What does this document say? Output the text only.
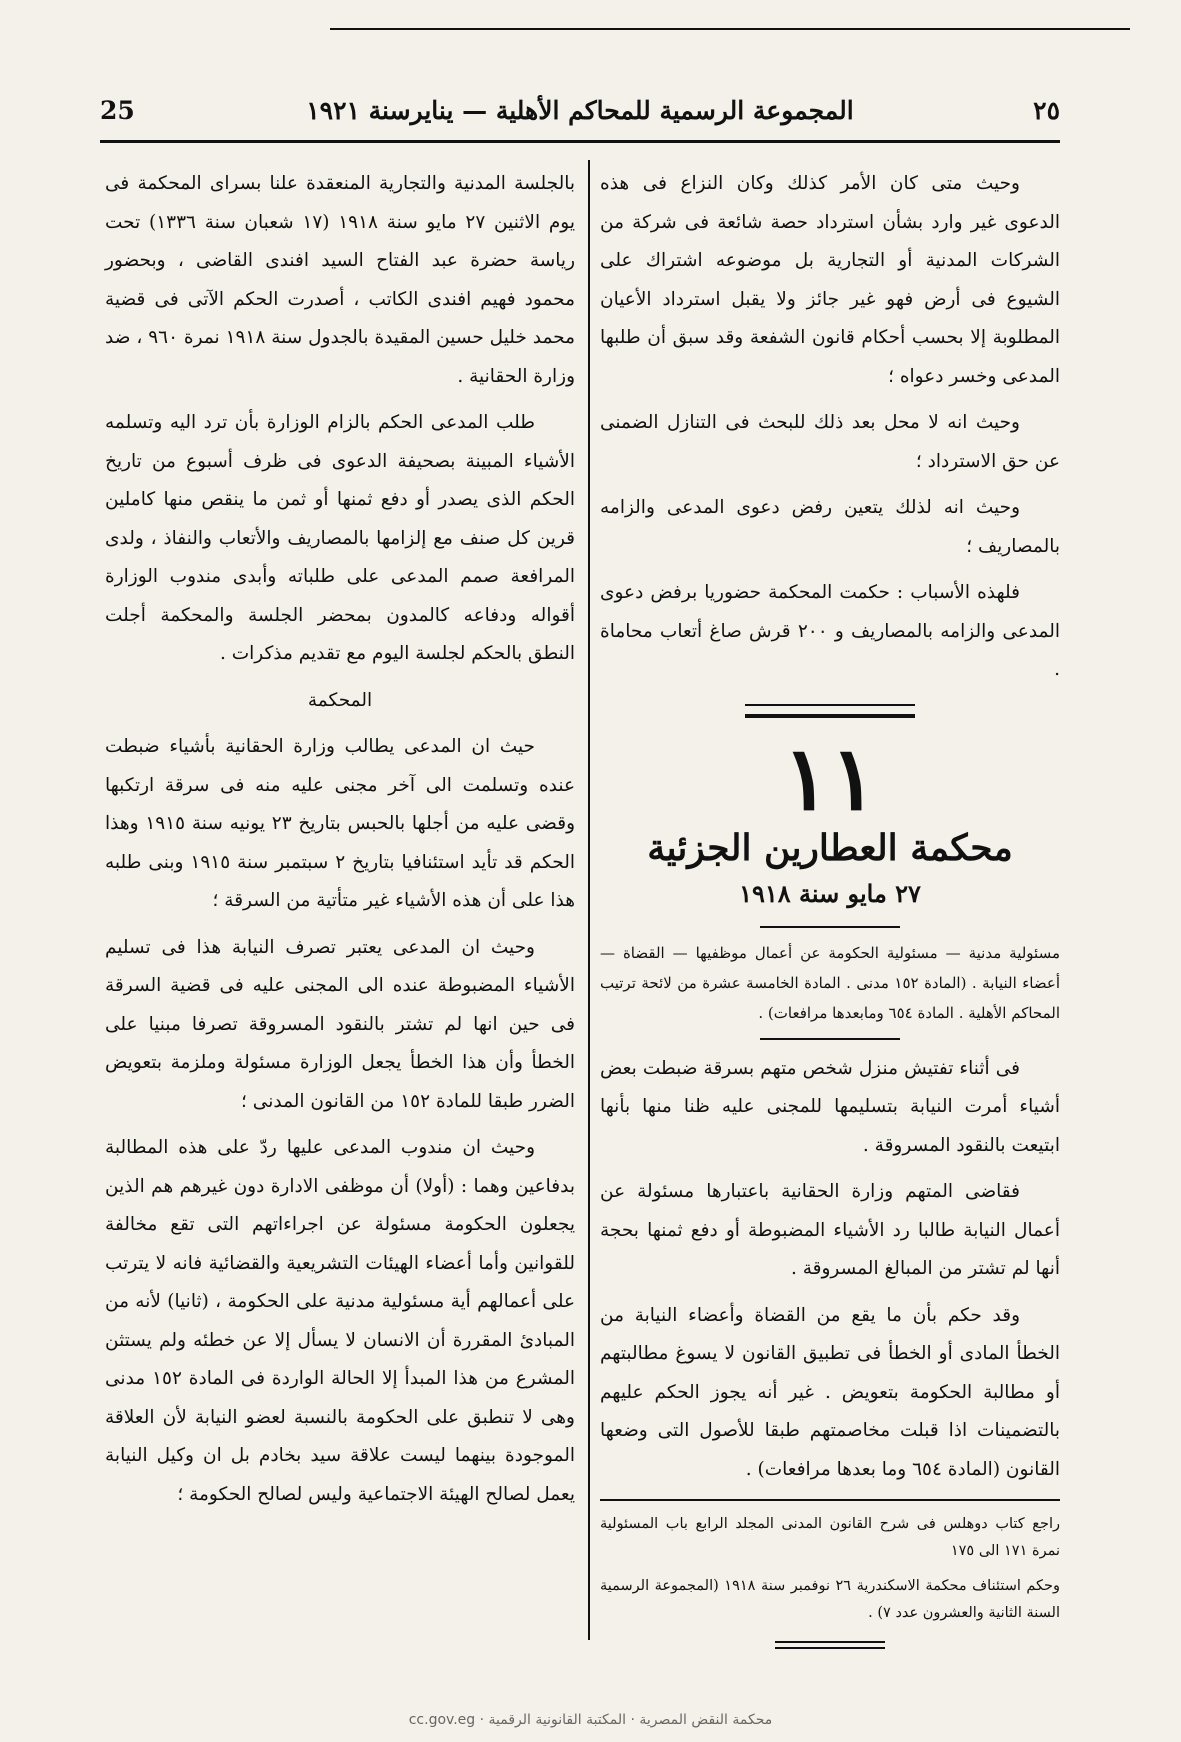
٢٥
المجموعة الرسمية للمحاكم الأهلية — ينايرسنة ١٩٢١
25

وحيث متى كان الأمر كذلك وكان النزاع فى هذه الدعوى غير وارد بشأن استرداد حصة شائعة فى شركة من الشركات المدنية أو التجارية بل موضوعه اشتراك على الشيوع فى أرض فهو غير جائز ولا يقبل استرداد الأعيان المطلوبة إلا بحسب أحكام قانون الشفعة وقد سبق أن طلبها المدعى وخسر دعواه ؛

وحيث انه لا محل بعد ذلك للبحث فى التنازل الضمنى عن حق الاسترداد ؛

وحيث انه لذلك يتعين رفض دعوى المدعى والزامه بالمصاريف ؛

فلهذه الأسباب : حكمت المحكمة حضوريا برفض دعوى المدعى والزامه بالمصاريف و ٢٠٠ قرش صاغ أتعاب محاماة .

١١
محكمة العطارين الجزئية
٢٧ مايو سنة ١٩١٨

مسئولية مدنية — مسئولية الحكومة عن أعمال موظفيها — القضاة — أعضاء النيابة . (المادة ١٥٢ مدنى . المادة الخامسة عشرة من لائحة ترتيب المحاكم الأهلية . المادة ٦٥٤ ومابعدها مرافعات) .

فى أثناء تفتيش منزل شخص متهم بسرقة ضبطت بعض أشياء أمرت النيابة بتسليمها للمجنى عليه ظنا منها بأنها ابتيعت بالنقود المسروقة .

فقاضى المتهم وزارة الحقانية باعتبارها مسئولة عن أعمال النيابة طالبا رد الأشياء المضبوطة أو دفع ثمنها بحجة أنها لم تشتر من المبالغ المسروقة .

وقد حكم بأن ما يقع من القضاة وأعضاء النيابة من الخطأ المادى أو الخطأ فى تطبيق القانون لا يسوغ مطالبتهم أو مطالبة الحكومة بتعويض . غير أنه يجوز الحكم عليهم بالتضمينات اذا قبلت مخاصمتهم طبقا للأصول التى وضعها القانون (المادة ٦٥٤ وما بعدها مرافعات) .

راجع كتاب دوهلس فى شرح القانون المدنى المجلد الرابع باب المسئولية نمرة ١٧١ الى ١٧٥

وحكم استئناف محكمة الاسكندرية ٢٦ نوفمبر سنة ١٩١٨ (المجموعة الرسمية السنة الثانية والعشرون عدد ٧) .

بالجلسة المدنية والتجارية المنعقدة علنا بسراى المحكمة فى يوم الاثنين ٢٧ مايو سنة ١٩١٨ (١٧ شعبان سنة ١٣٣٦) تحت رياسة حضرة عبد الفتاح السيد افندى القاضى ، وبحضور محمود فهيم افندى الكاتب ، أصدرت الحكم الآتى فى قضية محمد خليل حسين المقيدة بالجدول سنة ١٩١٨ نمرة ٩٦٠ ، ضد وزارة الحقانية .

طلب المدعى الحكم بالزام الوزارة بأن ترد اليه وتسلمه الأشياء المبينة بصحيفة الدعوى فى ظرف أسبوع من تاريخ الحكم الذى يصدر أو دفع ثمنها أو ثمن ما ينقص منها كاملين قرين كل صنف مع إلزامها بالمصاريف والأتعاب والنفاذ ، ولدى المرافعة صمم المدعى على طلباته وأبدى مندوب الوزارة أقواله ودفاعه كالمدون بمحضر الجلسة والمحكمة أجلت النطق بالحكم لجلسة اليوم مع تقديم مذكرات .

المحكمة

حيث ان المدعى يطالب وزارة الحقانية بأشياء ضبطت عنده وتسلمت الى آخر مجنى عليه منه فى سرقة ارتكبها وقضى عليه من أجلها بالحبس بتاريخ ٢٣ يونيه سنة ١٩١٥ وهذا الحكم قد تأيد استئنافيا بتاريخ ٢ سبتمبر سنة ١٩١٥ وبنى طلبه هذا على أن هذه الأشياء غير متأتية من السرقة ؛

وحيث ان المدعى يعتبر تصرف النيابة هذا فى تسليم الأشياء المضبوطة عنده الى المجنى عليه فى قضية السرقة فى حين انها لم تشتر بالنقود المسروقة تصرفا مبنيا على الخطأ وأن هذا الخطأ يجعل الوزارة مسئولة وملزمة بتعويض الضرر طبقا للمادة ١٥٢ من القانون المدنى ؛

وحيث ان مندوب المدعى عليها ردّ على هذه المطالبة بدفاعين وهما : (أولا) أن موظفى الادارة دون غيرهم هم الذين يجعلون الحكومة مسئولة عن اجراءاتهم التى تقع مخالفة للقوانين وأما أعضاء الهيئات التشريعية والقضائية فانه لا يترتب على أعمالهم أية مسئولية مدنية على الحكومة ، (ثانيا) لأنه من المبادئ المقررة أن الانسان لا يسأل إلا عن خطئه ولم يستثن المشرع من هذا المبدأ إلا الحالة الواردة فى المادة ١٥٢ مدنى وهى لا تنطبق على الحكومة بالنسبة لعضو النيابة لأن العلاقة الموجودة بينهما ليست علاقة سيد بخادم بل ان وكيل النيابة يعمل لصالح الهيئة الاجتماعية وليس لصالح الحكومة ؛

cc.gov.eg · محكمة النقض المصرية · المكتبة القانونية الرقمية
